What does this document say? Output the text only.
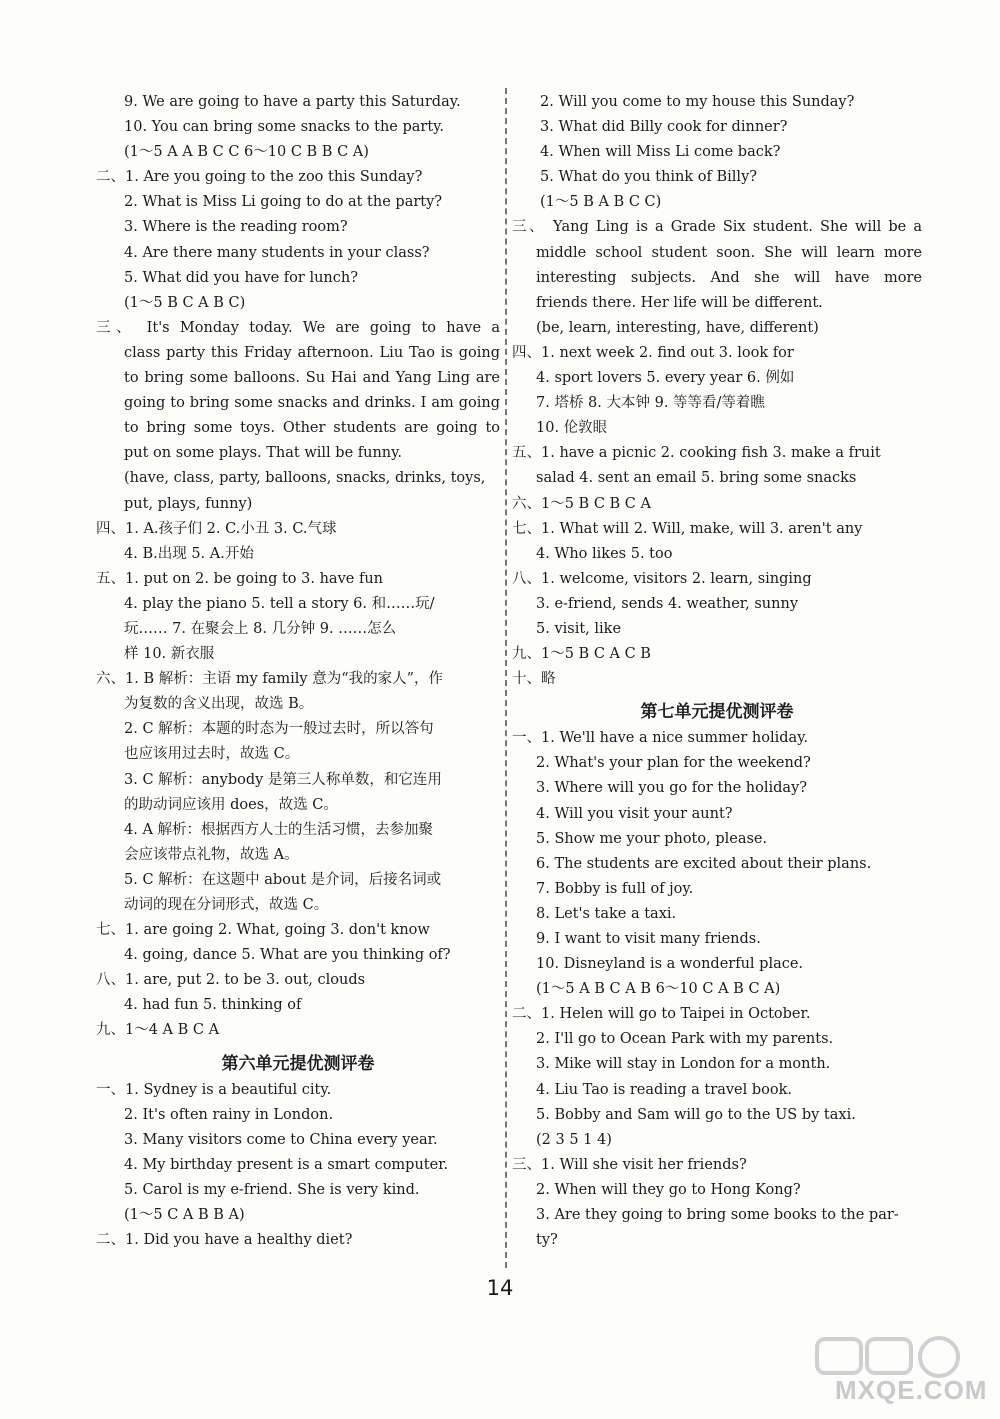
9. We are going to have a party this Saturday.
10. You can bring some snacks to the party.
(1～5 A A B C C 6～10 C B B C A)
二、1. Are you going to the zoo this Sunday?
2. What is Miss Li going to do at the party?
3. Where is the reading room?
4. Are there many students in your class?
5. What did you have for lunch?
(1～5 B C A B C)
三、 It's Monday today. We are going to have a
class party this Friday afternoon. Liu Tao is going
to bring some balloons. Su Hai and Yang Ling are
going to bring some snacks and drinks. I am going
to bring some toys. Other students are going to
put on some plays. That will be funny.
(have, class, party, balloons, snacks, drinks, toys,
put, plays, funny)
四、1. A.孩子们 2. C.小丑 3. C.气球
4. B.出现 5. A.开始
五、1. put on 2. be going to 3. have fun
4. play the piano 5. tell a story 6. 和……玩/
玩…… 7. 在聚会上 8. 几分钟 9. ……怎么
样 10. 新衣服
六、1. B 解析：主语 my family 意为“我的家人”，作
为复数的含义出现，故选 B。
2. C 解析：本题的时态为一般过去时，所以答句
也应该用过去时，故选 C。
3. C 解析：anybody 是第三人称单数，和它连用
的助动词应该用 does，故选 C。
4. A 解析：根据西方人士的生活习惯，去参加聚
会应该带点礼物，故选 A。
5. C 解析：在这题中 about 是介词，后接名词或
动词的现在分词形式，故选 C。
七、1. are going 2. What, going 3. don't know
4. going, dance 5. What are you thinking of?
八、1. are, put 2. to be 3. out, clouds
4. had fun 5. thinking of
九、1～4 A B C A
第六单元提优测评卷
一、1. Sydney is a beautiful city.
2. It's often rainy in London.
3. Many visitors come to China every year.
4. My birthday present is a smart computer.
5. Carol is my e-friend. She is very kind.
(1～5 C A B B A)
二、1. Did you have a healthy diet?
2. Will you come to my house this Sunday?
3. What did Billy cook for dinner?
4. When will Miss Li come back?
5. What do you think of Billy?
(1～5 B A B C C)
三、 Yang Ling is a Grade Six student. She will be a
middle school student soon. She will learn more
interesting subjects. And she will have more
friends there. Her life will be different.
(be, learn, interesting, have, different)
四、1. next week 2. find out 3. look for
4. sport lovers 5. every year 6. 例如
7. 塔桥 8. 大本钟 9. 等等看/等着瞧
10. 伦敦眼
五、1. have a picnic 2. cooking fish 3. make a fruit
salad 4. sent an email 5. bring some snacks
六、1～5 B C B C A
七、1. What will 2. Will, make, will 3. aren't any
4. Who likes 5. too
八、1. welcome, visitors 2. learn, singing
3. e-friend, sends 4. weather, sunny
5. visit, like
九、1～5 B C A C B
十、略
第七单元提优测评卷
一、1. We'll have a nice summer holiday.
2. What's your plan for the weekend?
3. Where will you go for the holiday?
4. Will you visit your aunt?
5. Show me your photo, please.
6. The students are excited about their plans.
7. Bobby is full of joy.
8. Let's take a taxi.
9. I want to visit many friends.
10. Disneyland is a wonderful place.
(1～5 A B C A B 6～10 C A B C A)
二、1. Helen will go to Taipei in October.
2. I'll go to Ocean Park with my parents.
3. Mike will stay in London for a month.
4. Liu Tao is reading a travel book.
5. Bobby and Sam will go to the US by taxi.
(2 3 5 1 4)
三、1. Will she visit her friends?
2. When will they go to Hong Kong?
3. Are they going to bring some books to the par-
ty?
14
MXQE.COM
